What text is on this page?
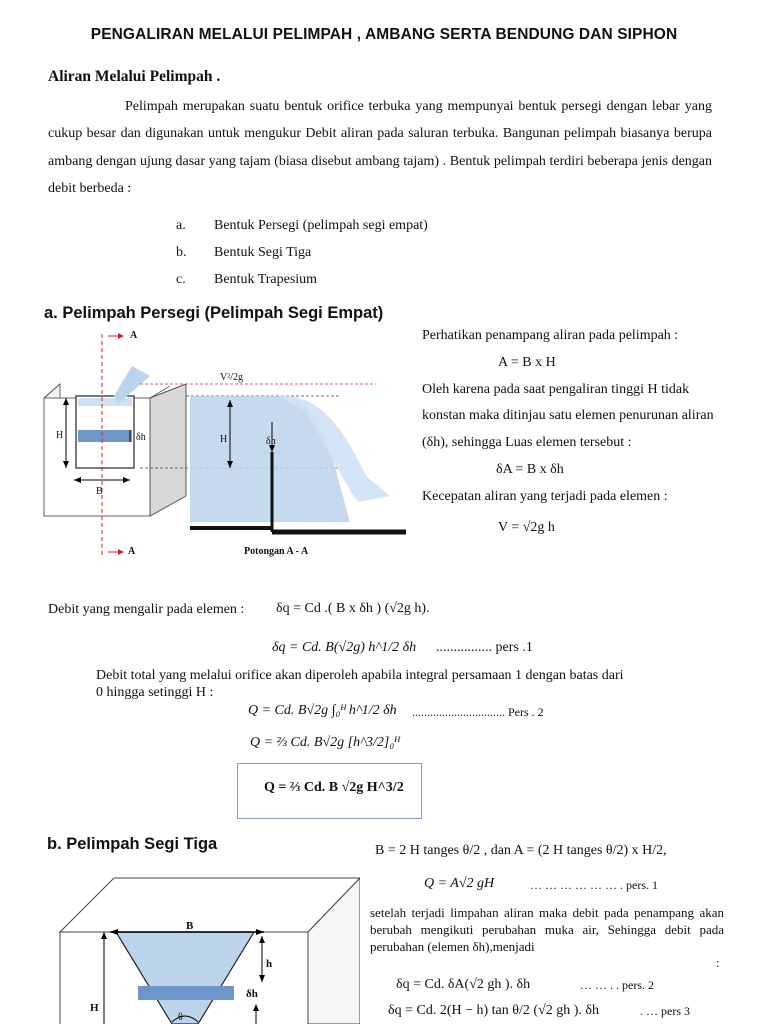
PENGALIRAN MELALUI PELIMPAH , AMBANG SERTA BENDUNG DAN SIPHON
Aliran Melalui Pelimpah .
Pelimpah merupakan suatu bentuk orifice terbuka yang mempunyai bentuk persegi dengan lebar yang cukup besar dan digunakan untuk mengukur Debit aliran pada saluran terbuka. Bangunan pelimpah biasanya berupa ambang dengan ujung dasar yang tajam (biasa disebut ambang tajam) . Bentuk pelimpah terdiri beberapa jenis dengan debit berbeda :
a. Bentuk Persegi (pelimpah segi empat)
b. Bentuk Segi Tiga
c. Bentuk Trapesium
a. Pelimpah Persegi (Pelimpah Segi Empat)
A
A
V²/2g
H	δh
B
H	δh
Potongan A - A
Perhatikan penampang aliran pada pelimpah :
A = B x H
Oleh karena pada saat pengaliran tinggi H tidak
konstan maka ditinjau satu elemen penurunan aliran
(δh), sehingga Luas elemen tersebut :
δA = B x δh
Kecepatan aliran yang terjadi pada elemen :
V = √2g h
Debit yang mengalir pada elemen : δq = Cd .( B x δh ) (√2g h).
δq = Cd. B(√2g) h^1/2 δh ................ pers .1
Debit total yang melalui orifice akan diperoleh apabila integral persamaan 1 dengan batas dari
0 hingga setinggi H :
Q = Cd. B√2g ∫₀ᴴ h^1/2 δh ............................... Pers . 2
Q = ⅔ Cd. B√2g [h^3/2]₀ᴴ
Q = ⅔ Cd. B √2g H^3/2
b. Pelimpah Segi Tiga	B = 2 H tanges θ/2 , dan A = (2 H tanges θ/2) x H/2,
Q = A√2 gH	… … … … … … . pers. 1
setelah terjadi limpahan aliran maka debit pada penampang akan berubah mengikuti perubahan muka air, Sehingga debit pada perubahan (elemen δh),menjadi
:
δq = Cd. δA(√2 gh ). δh	… … . . pers. 2
δq = Cd. 2(H − h) tan θ/2 (√2 gh ). δh	. … pers 3
B
h
δh
H
θ
